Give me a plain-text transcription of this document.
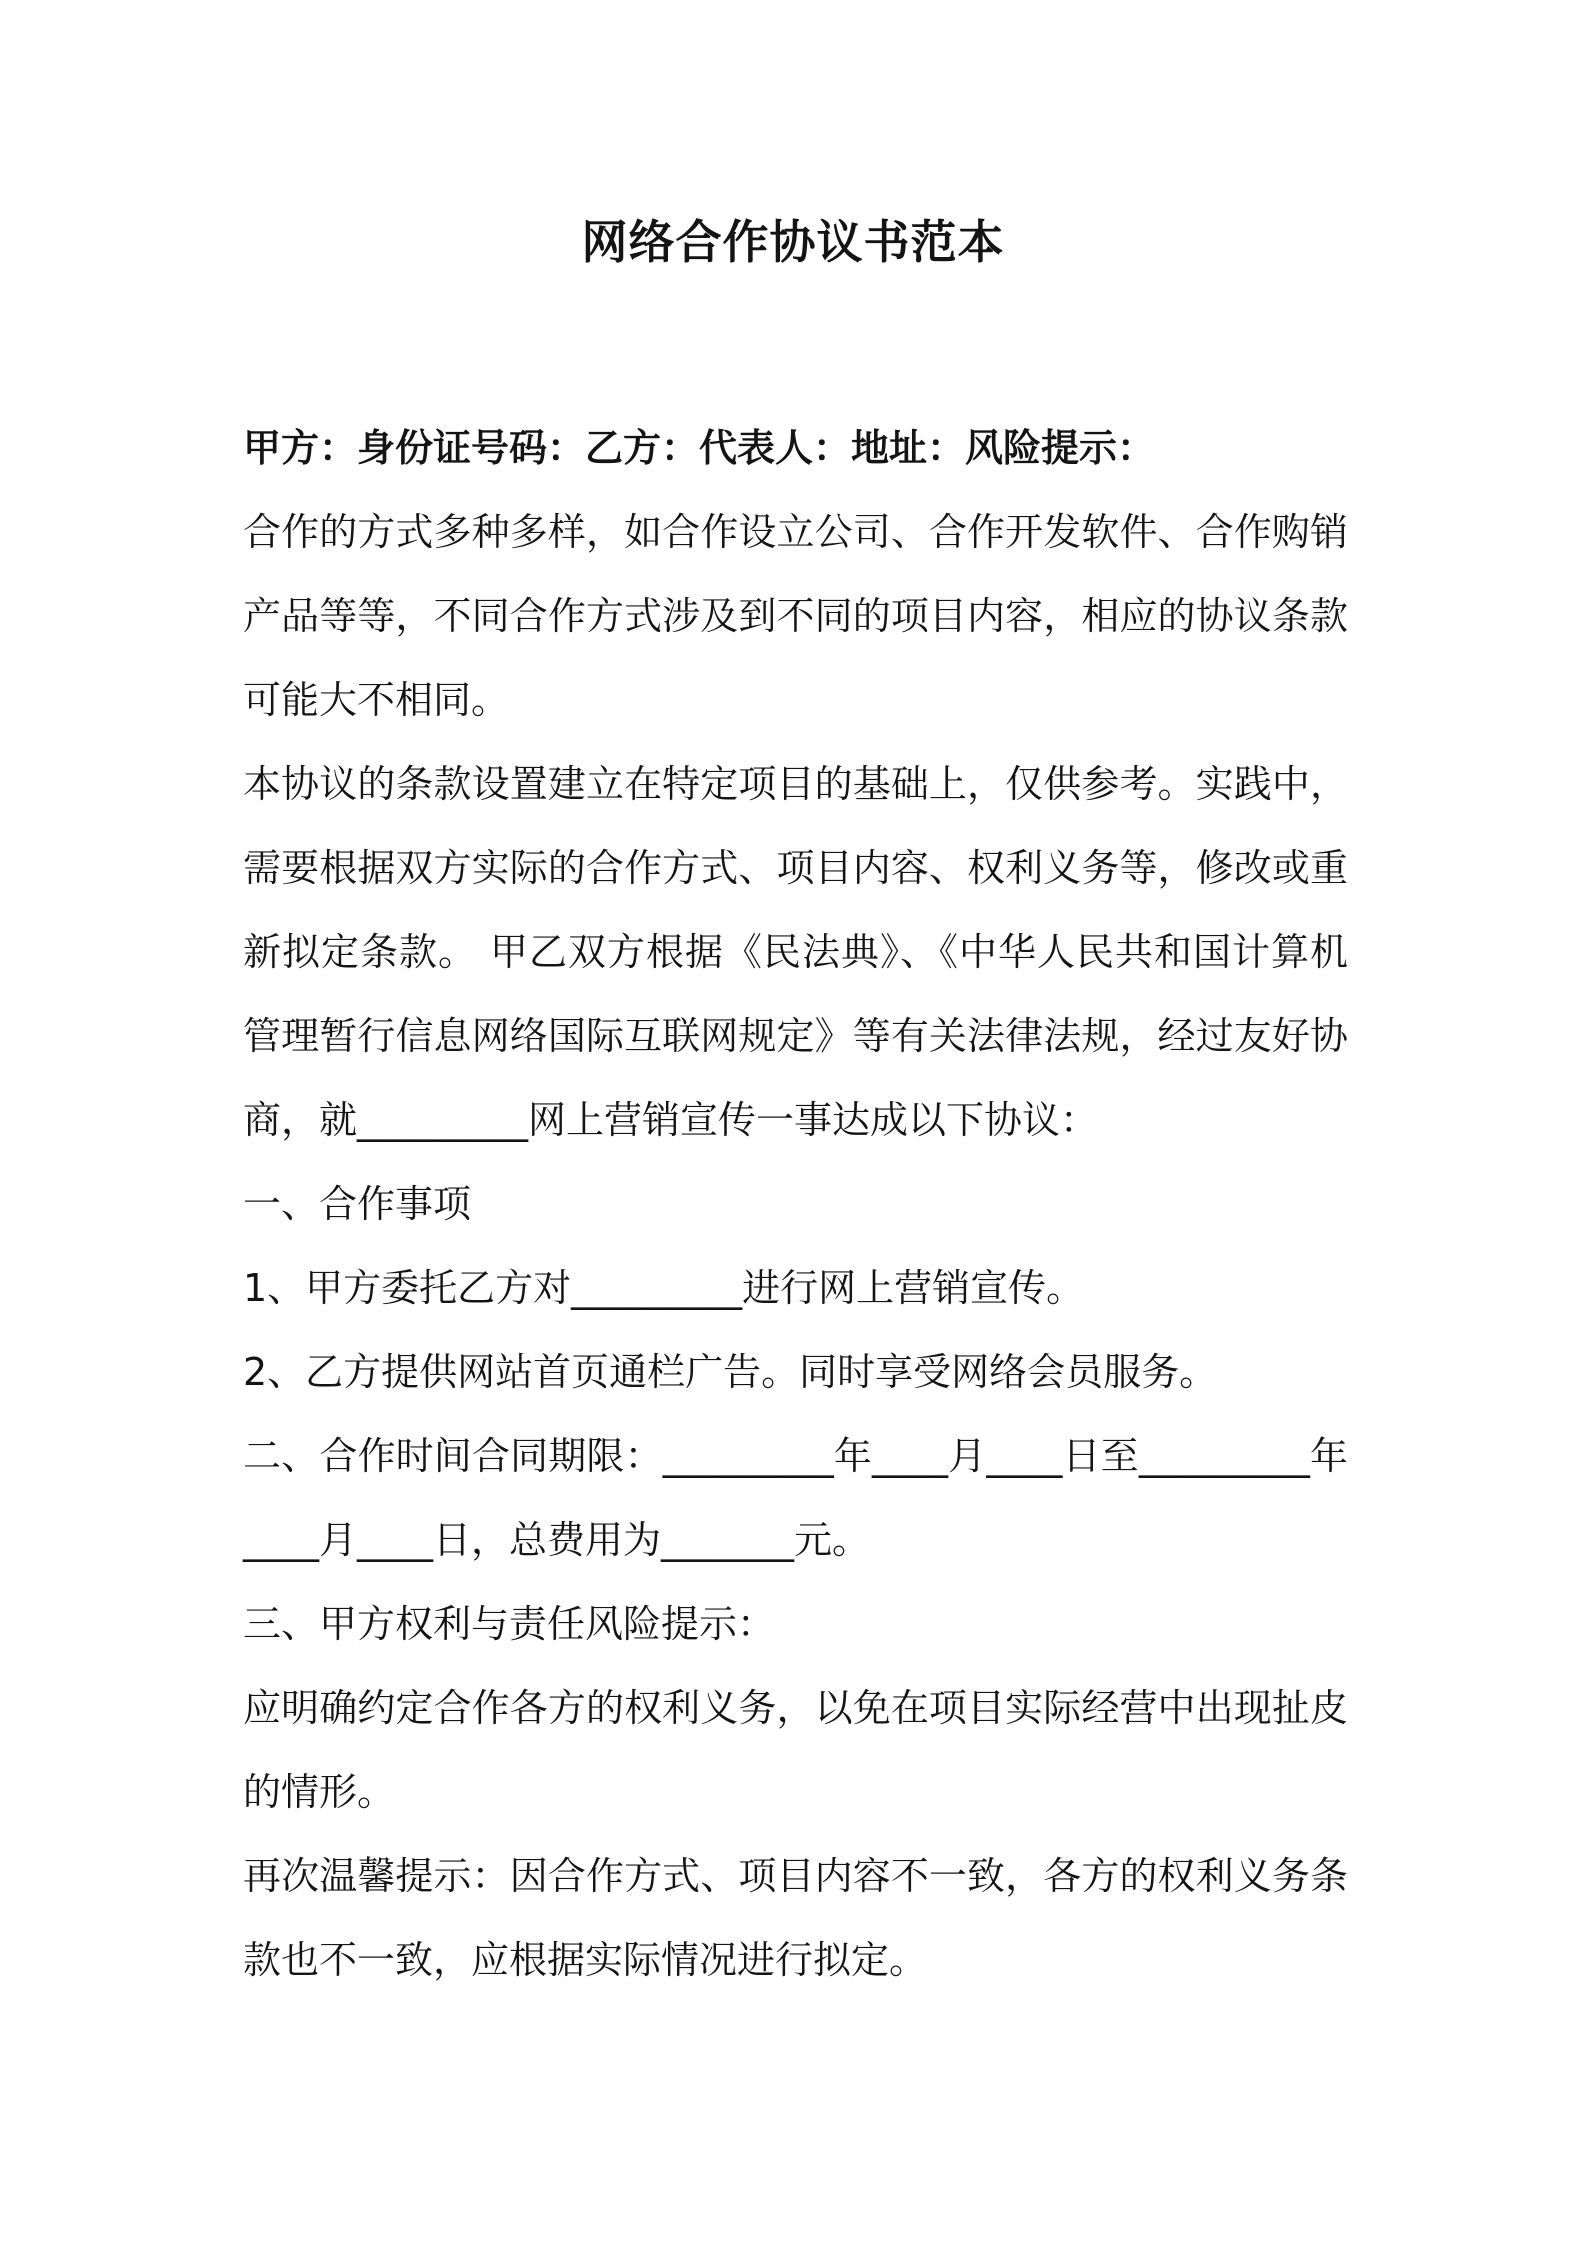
网络合作协议书范本

甲方：身份证号码：乙方：代表人：地址：风险提示：

合作的方式多种多样，如合作设立公司、合作开发软件、合作购销产品等等，不同合作方式涉及到不同的项目内容，相应的协议条款可能大不相同。

本协议的条款设置建立在特定项目的基础上，仅供参考。实践中，需要根据双方实际的合作方式、项目内容、权利义务等，修改或重新拟定条款。 甲乙双方根据《民法典》、《中华人民共和国计算机管理暂行信息网络国际互联网规定》等有关法律法规，经过友好协商，就_________网上营销宣传一事达成以下协议：

一、合作事项

1、甲方委托乙方对_________进行网上营销宣传。

2、乙方提供网站首页通栏广告。同时享受网络会员服务。

二、合作时间合同期限：_________年____月____日至_________年____月____日，总费用为_______元。

三、甲方权利与责任风险提示：

应明确约定合作各方的权利义务，以免在项目实际经营中出现扯皮的情形。

再次温馨提示：因合作方式、项目内容不一致，各方的权利义务条款也不一致，应根据实际情况进行拟定。
